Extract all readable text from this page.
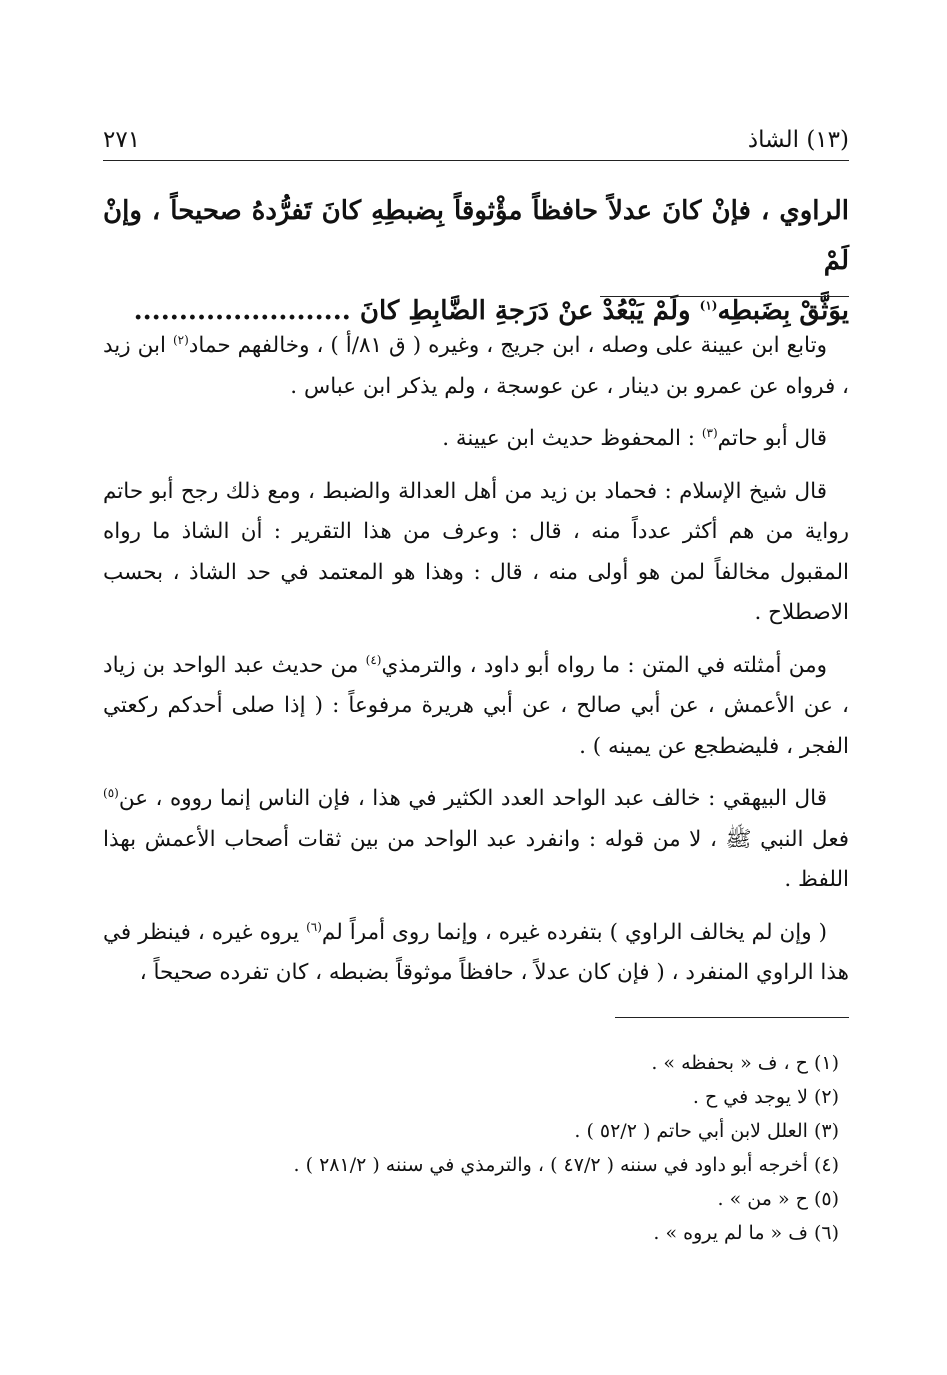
(١٣) الشاذ
٢٧١
الراوي ، فإنْ كانَ عدلاً حافظاً مؤْثوقاً بِضبطِهِ كانَ تَفرُّدهُ صحيحاً ، وإنْ لَمْ
يوَثَّقْ بِضَبطِه$^{(١)}$ ولَمْ يَبْعُدْ عنْ دَرَجةِ الضَّابِطِ كانَ ........................

وتابع ابن عيينة على وصله ، ابن جريج ، وغيره ( ق ٨١/أ ) ، وخالفهم حماد$^{(٢)}$ ابن زيد ، فرواه عن عمرو بن دينار ، عن عوسجة ، ولم يذكر ابن عباس .

قال أبو حاتم$^{(٣)}$ : المحفوظ حديث ابن عيينة .

قال شيخ الإسلام : فحماد بن زيد من أهل العدالة والضبط ، ومع ذلك رجح أبو حاتم رواية من هم أكثر عدداً منه ، قال : وعرف من هذا التقرير : أن الشاذ ما رواه المقبول مخالفاً لمن هو أولى منه ، قال : وهذا هو المعتمد في حد الشاذ ، بحسب الاصطلاح .

ومن أمثلته في المتن : ما رواه أبو داود ، والترمذي$^{(٤)}$ من حديث عبد الواحد بن زياد ، عن الأعمش ، عن أبي صالح ، عن أبي هريرة مرفوعاً : ( إذا صلى أحدكم ركعتي الفجر ، فليضطجع عن يمينه ) .

قال البيهقي : خالف عبد الواحد العدد الكثير في هذا ، فإن الناس إنما رووه ، عن$^{(٥)}$ فعل النبي ﷺ ، لا من قوله : وانفرد عبد الواحد من بين ثقات أصحاب الأعمش بهذا اللفظ .

( وإن لم يخالف الراوي ) بتفرده غيره ، وإنما روى أمراً لم$^{(٦)}$ يروه غيره ، فينظر في هذا الراوي المنفرد ، ( فإن كان عدلاً ، حافظاً موثوقاً بضبطه ، كان تفرده صحيحاً ،

(١) ح ، ف « بحفظه » .
(٢) لا يوجد في ح .
(٣) العلل لابن أبي حاتم ( ٥٢/٢ ) .
(٤) أخرجه أبو داود في سننه ( ٤٧/٢ ) ، والترمذي في سننه ( ٢٨١/٢ ) .
(٥) ح « من » .
(٦) ف « ما لم يروه » .
